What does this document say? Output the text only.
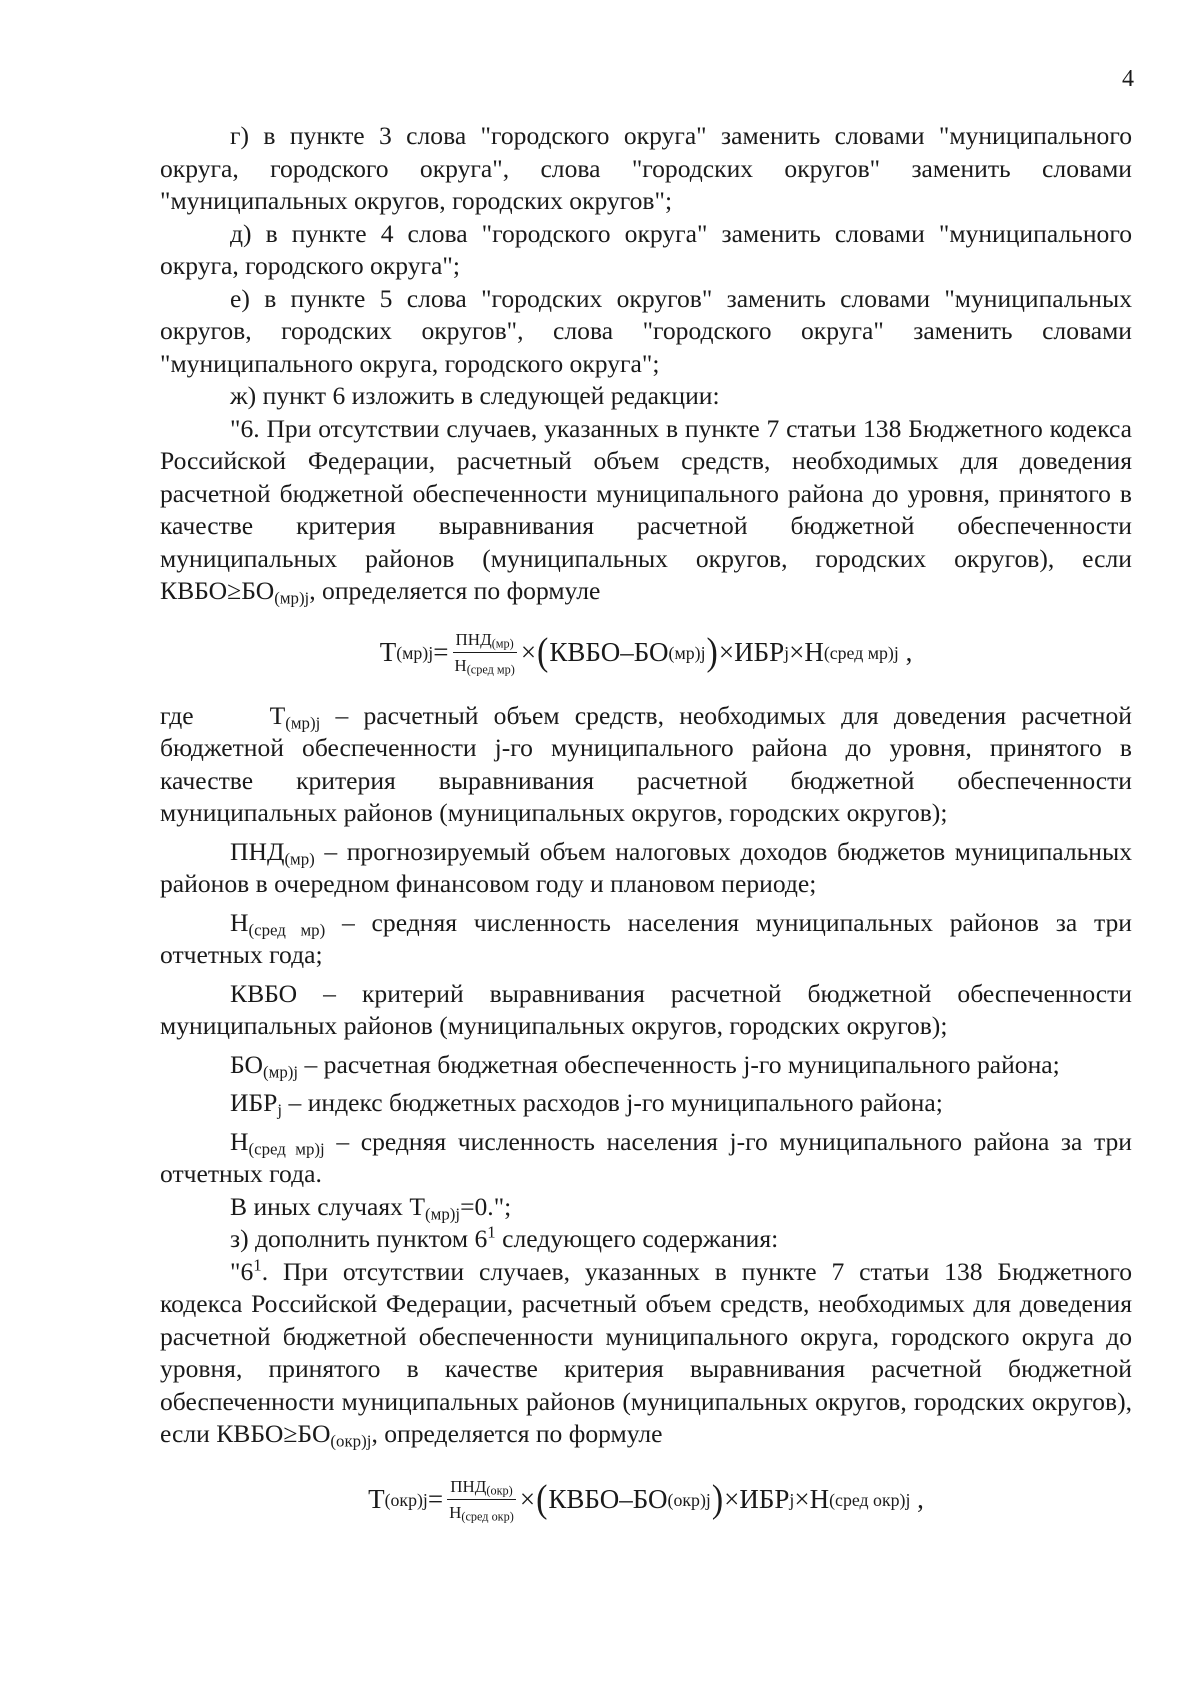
4

г) в пункте 3 слова "городского округа" заменить словами "муниципального округа, городского округа", слова "городских округов" заменить словами "муниципальных округов, городских округов";

д) в пункте 4 слова "городского округа" заменить словами "муниципального округа, городского округа";

е) в пункте 5 слова "городских округов" заменить словами "муниципальных округов, городских округов", слова "городского округа" заменить словами "муниципального округа, городского округа";

ж) пункт 6 изложить в следующей редакции:

"6. При отсутствии случаев, указанных в пункте 7 статьи 138 Бюджетного кодекса Российской Федерации, расчетный объем средств, необходимых для доведения расчетной бюджетной обеспеченности муниципального района до уровня, принятого в качестве критерия выравнивания расчетной бюджетной обеспеченности муниципальных районов (муниципальных округов, городских округов), если $КВБО\ge БО_{(мр)j}$, определяется по формуле

Т $(мр)j = \frac{ПНД_{(мр)}}{Н_{(сред мр)}}$ × ( КВБО–БО (мр)j ) × ИБР j × Н (сред мр)j ,

где	$Т_{(мр)j}$ – расчетный объем средств, необходимых для доведения расчетной бюджетной обеспеченности j-го муниципального района до уровня, принятого в качестве критерия выравнивания расчетной бюджетной обеспеченности муниципальных районов (муниципальных округов, городских округов);

$ПНД_{(мр)}$ – прогнозируемый объем налоговых доходов бюджетов муниципальных районов в очередном финансовом году и плановом периоде;

$Н_{(сред мр)}$ – средняя численность населения муниципальных районов за три отчетных года;

КВБО – критерий выравнивания расчетной бюджетной обеспеченности муниципальных районов (муниципальных округов, городских округов);

$БО_{(мр)j}$ – расчетная бюджетная обеспеченность j-го муниципального района;

$ИБР_j$ – индекс бюджетных расходов j-го муниципального района;

$Н_{(сред мр)j}$ – средняя численность населения j-го муниципального района за три отчетных года.

В иных случаях $Т_{(мр)j}=0$.";

з) дополнить пунктом $6^1$ следующего содержания:

"$6^1$. При отсутствии случаев, указанных в пункте 7 статьи 138 Бюджетного кодекса Российской Федерации, расчетный объем средств, необходимых для доведения расчетной бюджетной обеспеченности муниципального округа, городского округа до уровня, принятого в качестве критерия выравнивания расчетной бюджетной обеспеченности муниципальных районов (муниципальных округов, городских округов), если $КВБО\ge БО_{(окр)j}$, определяется по формуле

Т $(окр)j = \frac{ПНД_{(окр)}}{Н_{(сред окр)}}$ × ( КВБО–БО (окр)j ) × ИБР j × Н (сред окр)j ,
